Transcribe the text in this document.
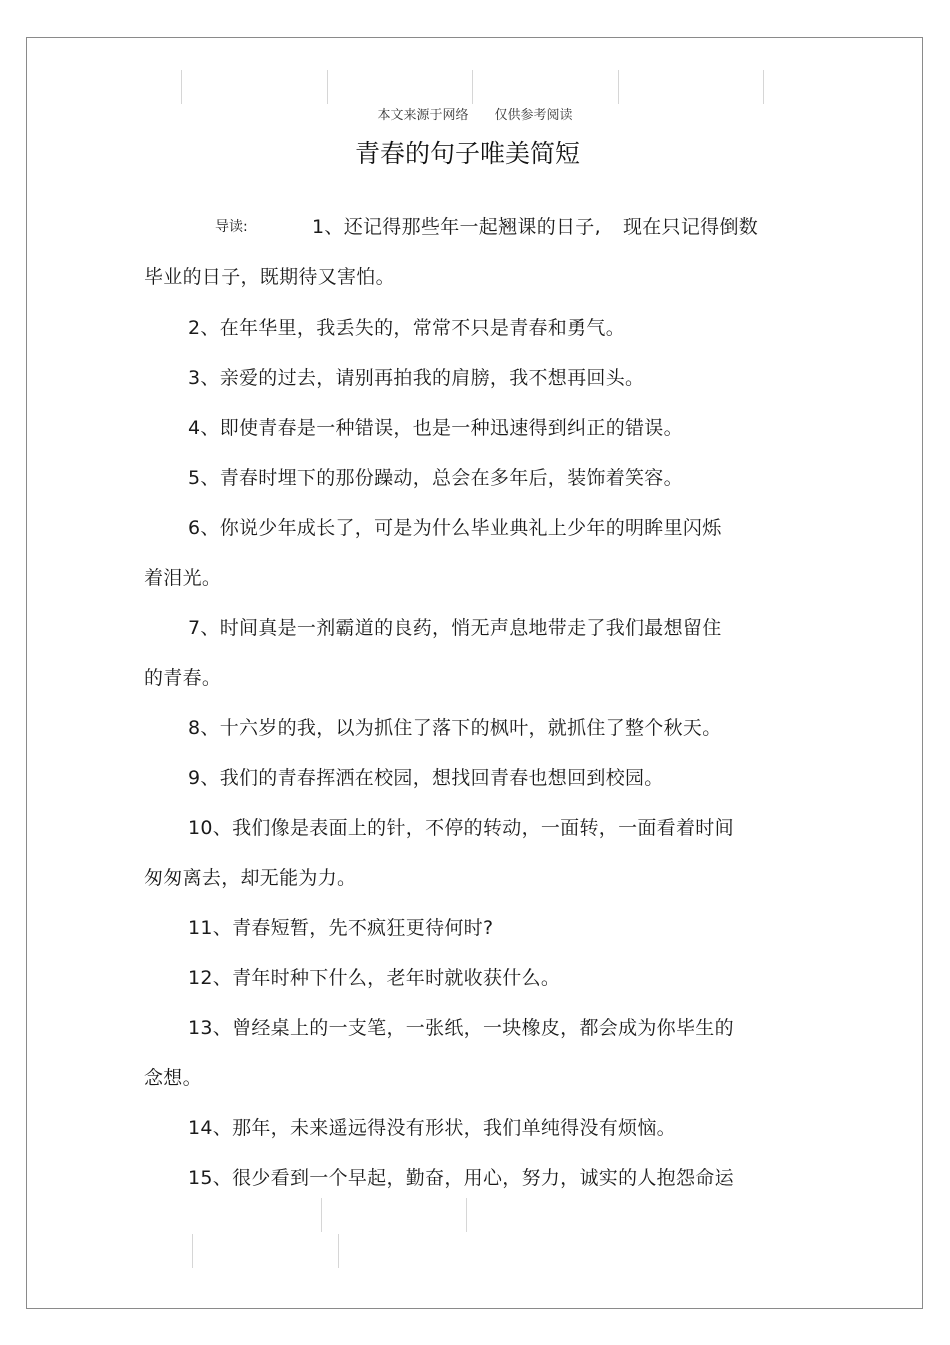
本文来源于网络 仅供参考阅读
青春的句子唯美简短
导读:	1、还记得那些年一起翘课的日子, 现在只记得倒数
毕业的日子，既期待又害怕。
2、在年华里，我丢失的，常常不只是青春和勇气。
3、亲爱的过去，请别再拍我的肩膀，我不想再回头。
4、即使青春是一种错误，也是一种迅速得到纠正的错误。
5、青春时埋下的那份躁动，总会在多年后，装饰着笑容。
6、你说少年成长了，可是为什么毕业典礼上少年的明眸里闪烁
着泪光。
7、时间真是一剂霸道的良药，悄无声息地带走了我们最想留住
的青春。
8、十六岁的我，以为抓住了落下的枫叶，就抓住了整个秋天。
9、我们的青春挥洒在校园，想找回青春也想回到校园。
10、我们像是表面上的针，不停的转动，一面转，一面看着时间
匆匆离去，却无能为力。
11、青春短暂，先不疯狂更待何时?
12、青年时种下什么，老年时就收获什么。
13、曾经桌上的一支笔，一张纸，一块橡皮，都会成为你毕生的
念想。
14、那年，未来遥远得没有形状，我们单纯得没有烦恼。
15、很少看到一个早起，勤奋，用心，努力，诚实的人抱怨命运
